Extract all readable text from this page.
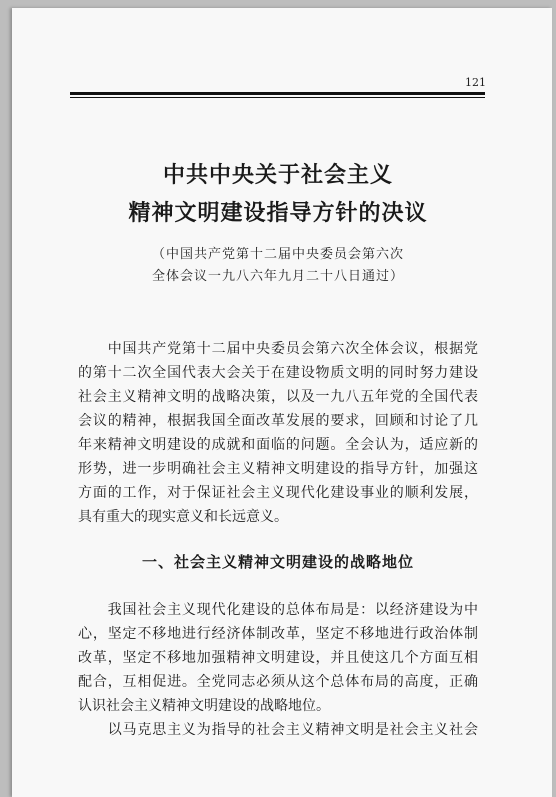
121
中共中央关于社会主义
精神文明建设指导方针的决议
（中国共产党第十二届中央委员会第六次
全体会议一九八六年九月二十八日通过）
　　中国共产党第十二届中央委员会第六次全体会议，根据党
的第十二次全国代表大会关于在建设物质文明的同时努力建设
社会主义精神文明的战略决策，以及一九八五年党的全国代表
会议的精神，根据我国全面改革发展的要求，回顾和讨论了几
年来精神文明建设的成就和面临的问题。全会认为，适应新的
形势，进一步明确社会主义精神文明建设的指导方针，加强这
方面的工作，对于保证社会主义现代化建设事业的顺利发展，
具有重大的现实意义和长远意义。
一、社会主义精神文明建设的战略地位
　　我国社会主义现代化建设的总体布局是：以经济建设为中
心，坚定不移地进行经济体制改革，坚定不移地进行政治体制
改革，坚定不移地加强精神文明建设，并且使这几个方面互相
配合，互相促进。全党同志必须从这个总体布局的高度，正确
认识社会主义精神文明建设的战略地位。
　　以马克思主义为指导的社会主义精神文明是社会主义社会
